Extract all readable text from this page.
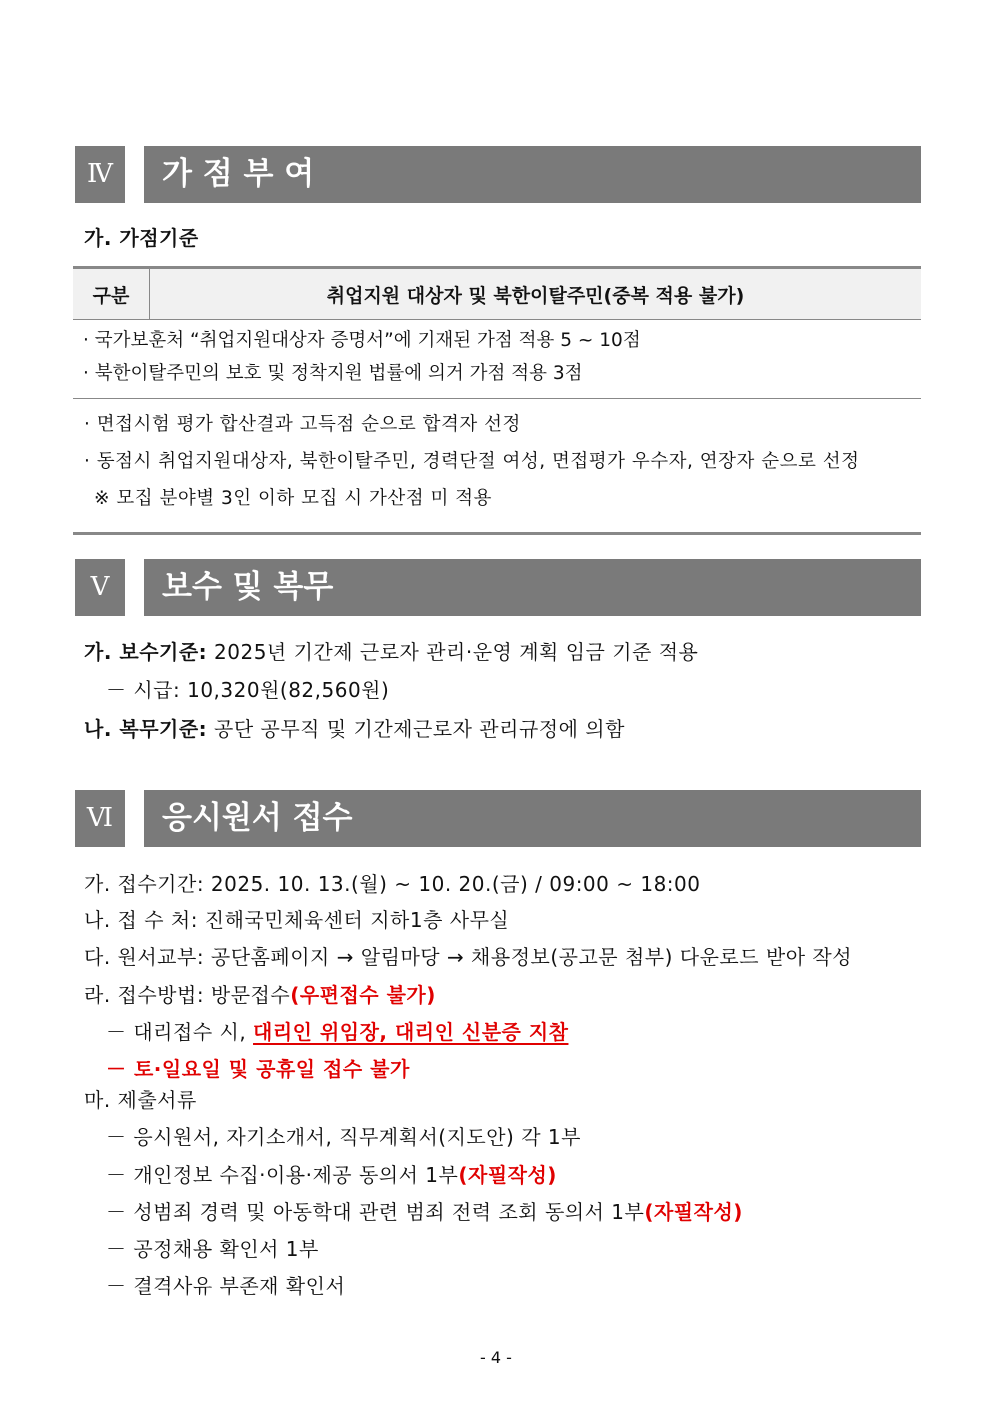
Ⅳ	가 점 부 여
가. 가점기준
구분	취업지원 대상자 및 북한이탈주민(중복 적용 불가)

· 국가보훈처 “취업지원대상자 증명서”에 기재된 가점 적용 5 ~ 10점
· 북한이탈주민의 보호 및 정착지원 법률에 의거 가점 적용 3점
· 면접시험 평가 합산결과 고득점 순으로 합격자 선정
· 동점시 취업지원대상자, 북한이탈주민, 경력단절 여성, 면접평가 우수자, 연장자 순으로 선정
※ 모집 분야별 3인 이하 모집 시 가산점 미 적용
Ⅴ	보수 및 복무
가. 보수기준: 2025년 기간제 근로자 관리·운영 계획 임금 기준 적용
－ 시급: 10,320원(82,560원)
나. 복무기준: 공단 공무직 및 기간제근로자 관리규정에 의함
Ⅵ	응시원서 접수
가. 접수기간: 2025. 10. 13.(월) ~ 10. 20.(금) / 09:00 ~ 18:00
나. 접 수 처: 진해국민체육센터 지하1층 사무실
다. 원서교부: 공단홈페이지 → 알림마당 → 채용정보(공고문 첨부) 다운로드 받아 작성
라. 접수방법: 방문접수(우편접수 불가)
－ 대리접수 시, 대리인 위임장, 대리인 신분증 지참
－ 토·일요일 및 공휴일 접수 불가
마. 제출서류
－ 응시원서, 자기소개서, 직무계획서(지도안) 각 1부
－ 개인정보 수집·이용·제공 동의서 1부(자필작성)
－ 성범죄 경력 및 아동학대 관련 범죄 전력 조회 동의서 1부(자필작성)
－ 공정채용 확인서 1부
－ 결격사유 부존재 확인서
- 4 -
